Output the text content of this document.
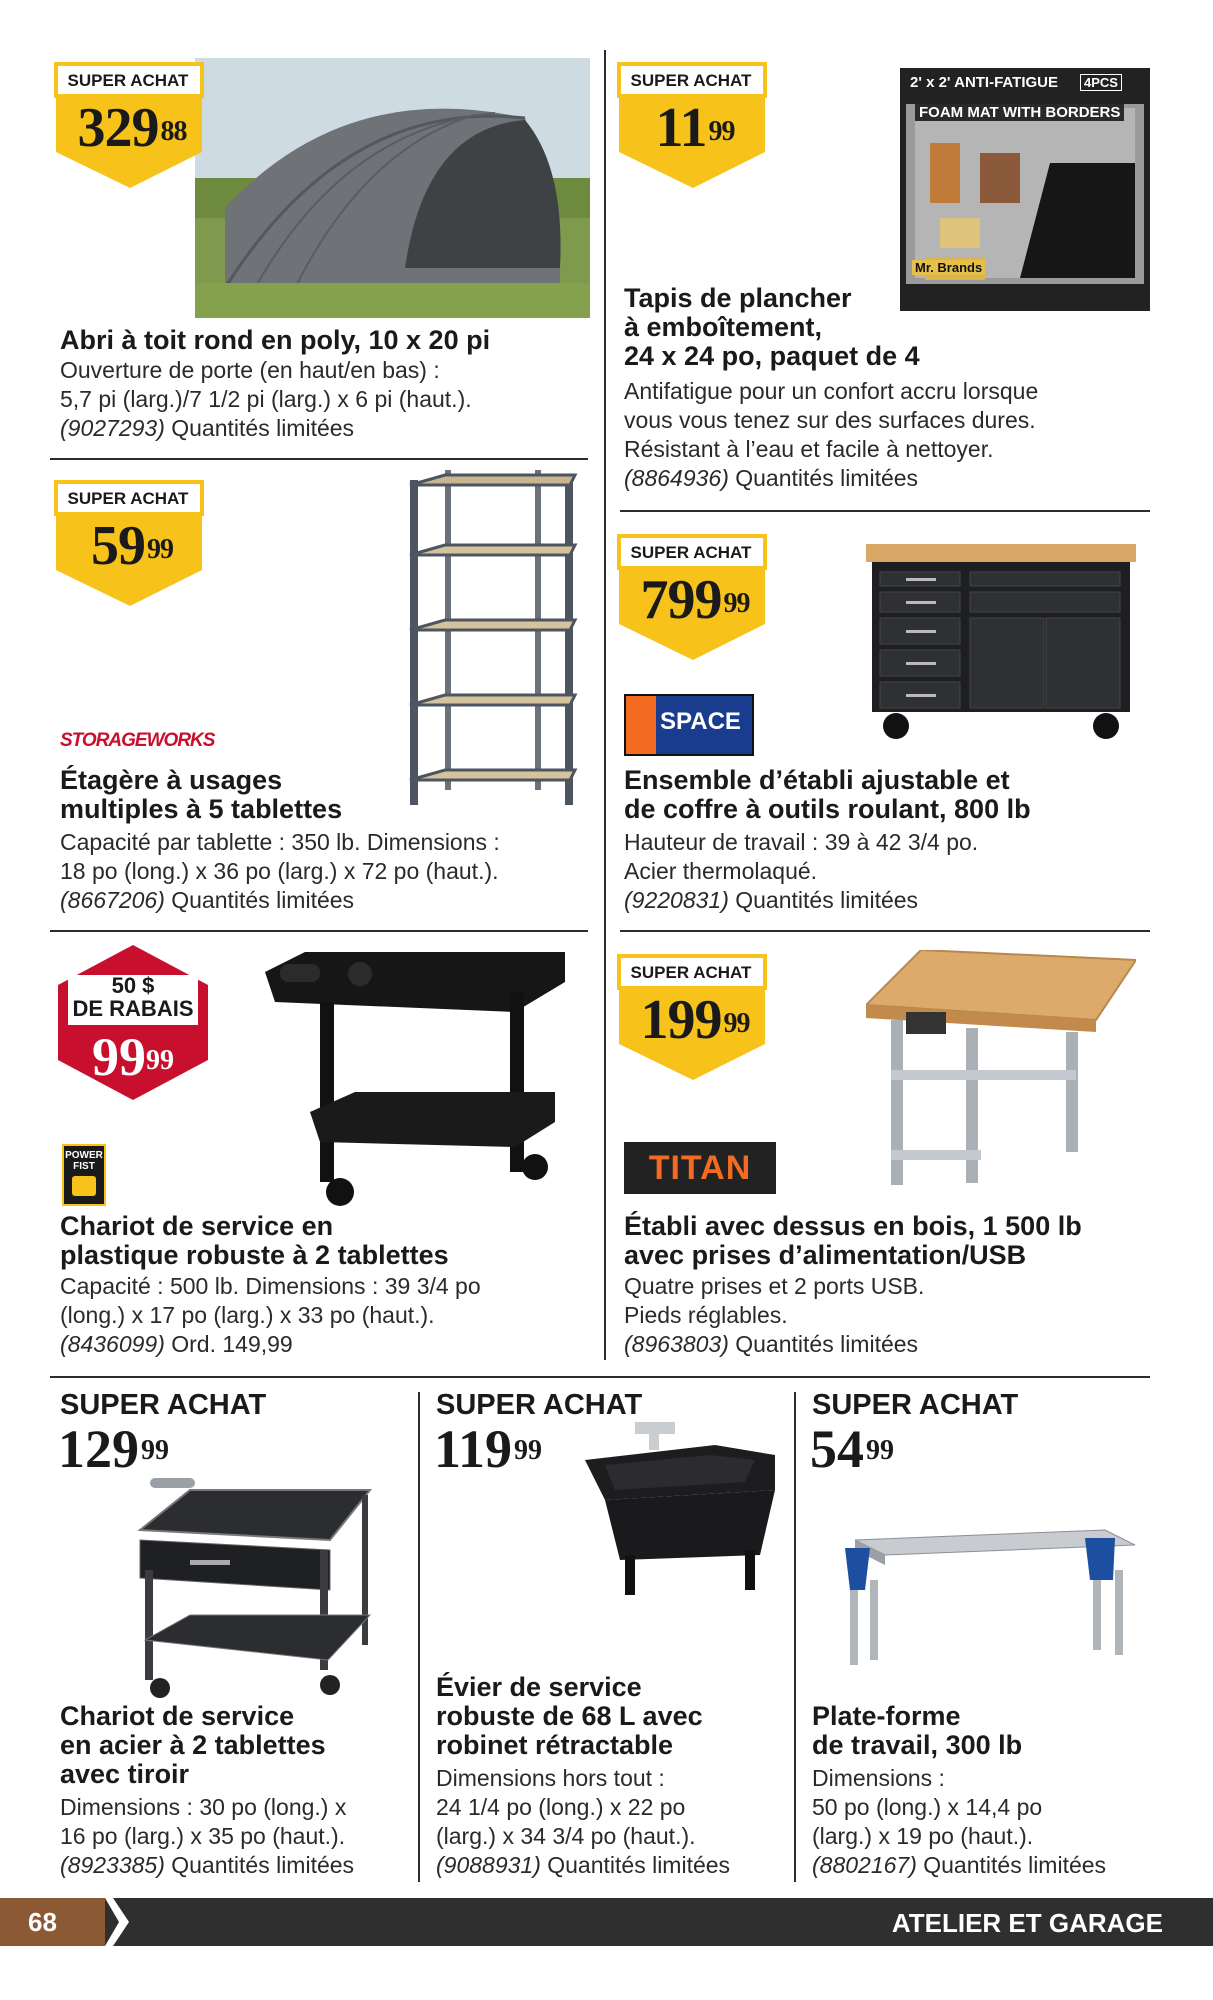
SUPER ACHAT
$329^{88}$
Abri à toit rond en poly, 10 x 20 pi
Ouverture de porte (en haut/en bas) :
5,7 pi (larg.)/7 1/2 pi (larg.) x 6 pi (haut.).
(9027293) Quantités limitées
2' x 2' ANTI-FATIGUE	4PCS
FOAM MAT WITH BORDERS
Mr. Brands
SUPER ACHAT
$11^{99}$
Tapis de plancher
à emboîtement,
24 x 24 po, paquet de 4
Antifatigue pour un confort accru lorsque
vous vous tenez sur des surfaces dures.
Résistant à l’eau et facile à nettoyer.
(8864936) Quantités limitées
SUPER ACHAT
$59^{99}$
STORAGEWORKS
Étagère à usages
multiples à 5 tablettes
Capacité par tablette : 350 lb. Dimensions :
18 po (long.) x 36 po (larg.) x 72 po (haut.).
(8667206) Quantités limitées
SUPER ACHAT
$799^{99}$
SPACE
Ensemble d’établi ajustable et
de coffre à outils roulant, 800 lb
Hauteur de travail : 39 à 42 3/4 po.
Acier thermolaqué.
(9220831) Quantités limitées
50 $
DE RABAIS
$99^{99}$
POWER
FIST
Chariot de service en
plastique robuste à 2 tablettes
Capacité : 500 lb. Dimensions : 39 3/4 po
(long.) x 17 po (larg.) x 33 po (haut.).
(8436099) Ord. 149,99
SUPER ACHAT
$199^{99}$
TITAN
Établi avec dessus en bois, 1 500 lb
avec prises d’alimentation/USB
Quatre prises et 2 ports USB.
Pieds réglables.
(8963803) Quantités limitées
SUPER ACHAT
$129^{99}$
Chariot de service
en acier à 2 tablettes
avec tiroir
Dimensions : 30 po (long.) x
16 po (larg.) x 35 po (haut.).
(8923385) Quantités limitées
SUPER ACHAT
$119^{99}$
Évier de service
robuste de 68 L avec
robinet rétractable
Dimensions hors tout :
24 1/4 po (long.) x 22 po
(larg.) x 34 3/4 po (haut.).
(9088931) Quantités limitées
SUPER ACHAT
$54^{99}$
Plate-forme
de travail, 300 lb
Dimensions :
50 po (long.) x 14,4 po
(larg.) x 19 po (haut.).
(8802167) Quantités limitées
68	ATELIER ET GARAGE
